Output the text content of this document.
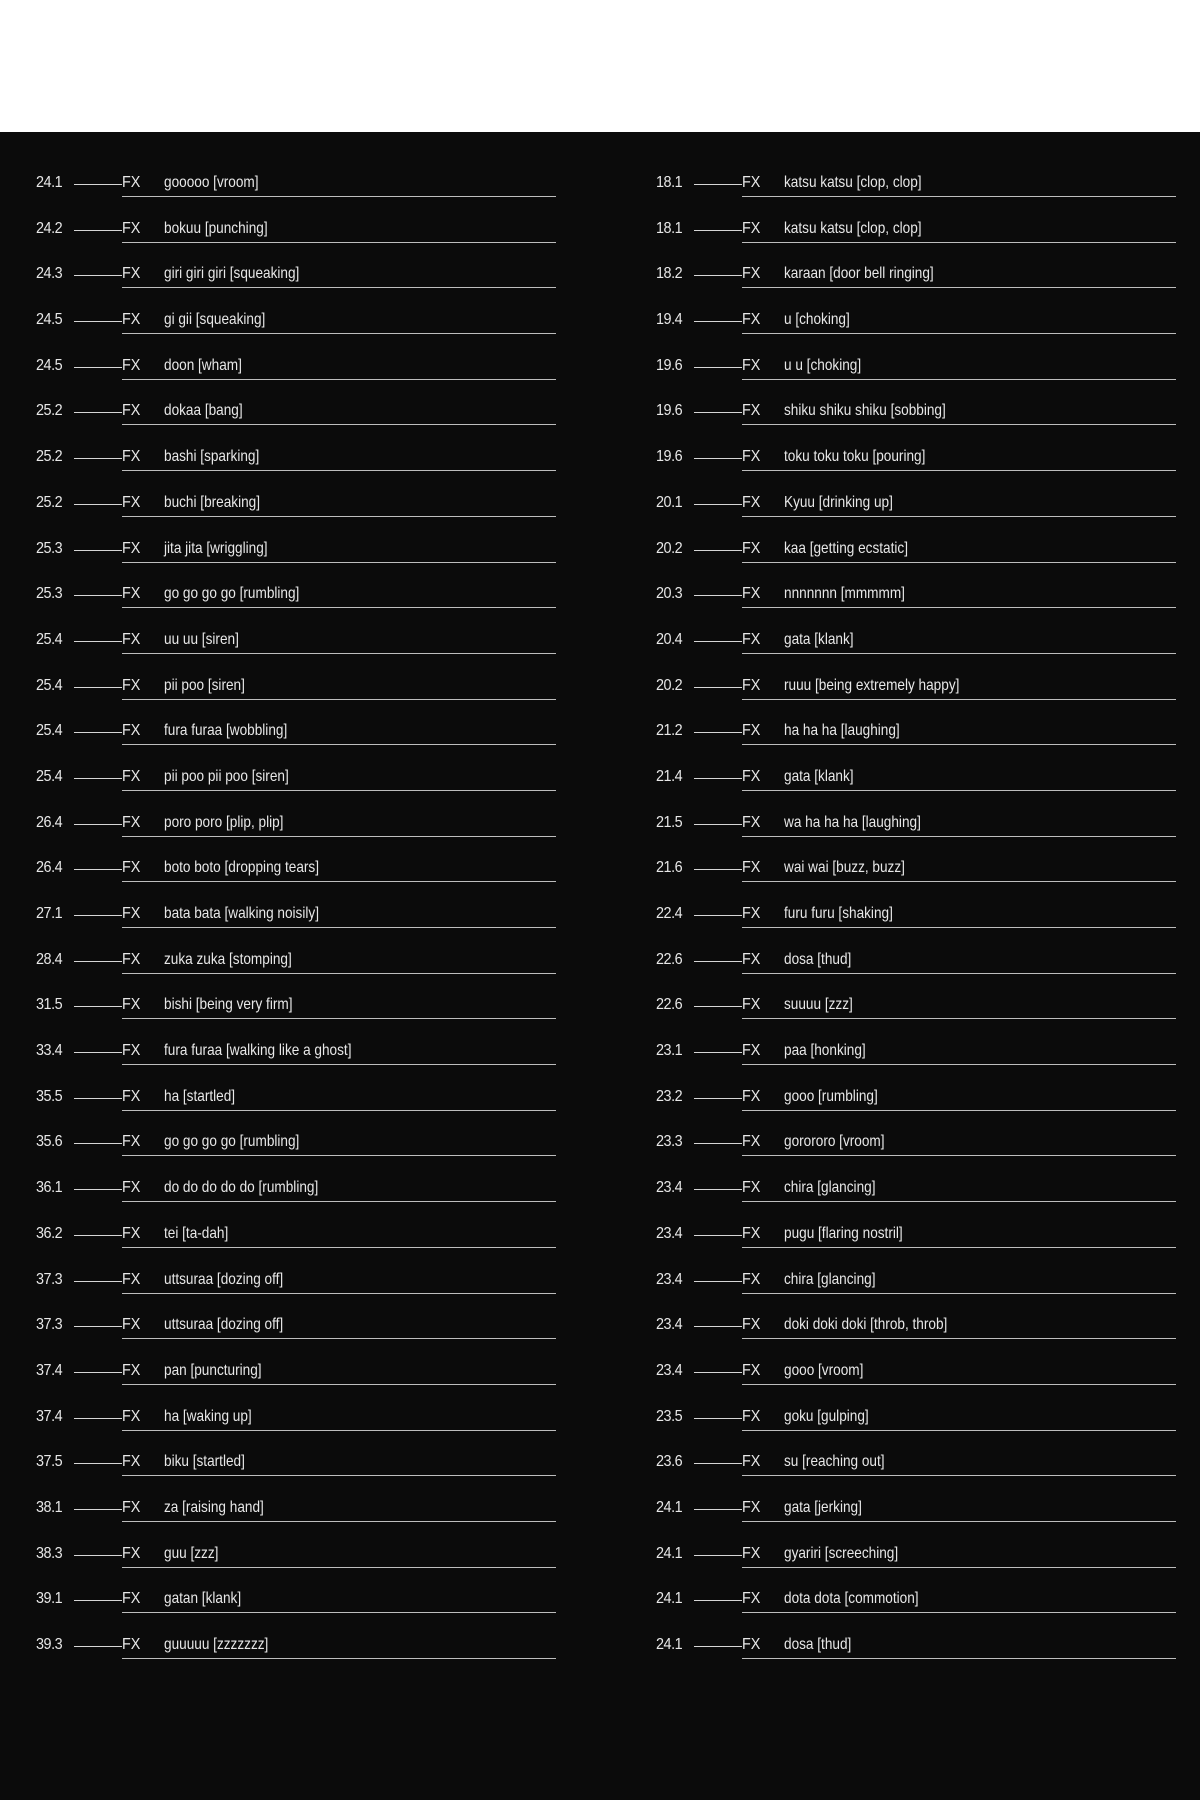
24.1	FX	gooooo [vroom]
24.2	FX	bokuu [punching]
24.3	FX	giri giri giri [squeaking]
24.5	FX	gi gii [squeaking]
24.5	FX	doon [wham]
25.2	FX	dokaa [bang]
25.2	FX	bashi [sparking]
25.2	FX	buchi [breaking]
25.3	FX	jita jita [wriggling]
25.3	FX	go go go go [rumbling]
25.4	FX	uu uu [siren]
25.4	FX	pii poo [siren]
25.4	FX	fura furaa [wobbling]
25.4	FX	pii poo pii poo [siren]
26.4	FX	poro poro [plip, plip]
26.4	FX	boto boto [dropping tears]
27.1	FX	bata bata [walking noisily]
28.4	FX	zuka zuka [stomping]
31.5	FX	bishi [being very firm]
33.4	FX	fura furaa [walking like a ghost]
35.5	FX	ha [startled]
35.6	FX	go go go go [rumbling]
36.1	FX	do do do do do [rumbling]
36.2	FX	tei [ta-dah]
37.3	FX	uttsuraa [dozing off]
37.3	FX	uttsuraa [dozing off]
37.4	FX	pan [puncturing]
37.4	FX	ha [waking up]
37.5	FX	biku [startled]
38.1	FX	za [raising hand]
38.3	FX	guu [zzz]
39.1	FX	gatan [klank]
39.3	FX	guuuuu [zzzzzzz]
18.1	FX	katsu katsu [clop, clop]
18.1	FX	katsu katsu [clop, clop]
18.2	FX	karaan [door bell ringing]
19.4	FX	u [choking]
19.6	FX	u u [choking]
19.6	FX	shiku shiku shiku [sobbing]
19.6	FX	toku toku toku [pouring]
20.1	FX	Kyuu [drinking up]
20.2	FX	kaa [getting ecstatic]
20.3	FX	nnnnnnn [mmmmm]
20.4	FX	gata [klank]
20.2	FX	ruuu [being extremely happy]
21.2	FX	ha ha ha [laughing]
21.4	FX	gata [klank]
21.5	FX	wa ha ha ha [laughing]
21.6	FX	wai wai [buzz, buzz]
22.4	FX	furu furu [shaking]
22.6	FX	dosa [thud]
22.6	FX	suuuu [zzz]
23.1	FX	paa [honking]
23.2	FX	gooo [rumbling]
23.3	FX	gorororo [vroom]
23.4	FX	chira [glancing]
23.4	FX	pugu [flaring nostril]
23.4	FX	chira [glancing]
23.4	FX	doki doki doki [throb, throb]
23.4	FX	gooo [vroom]
23.5	FX	goku [gulping]
23.6	FX	su [reaching out]
24.1	FX	gata [jerking]
24.1	FX	gyariri [screeching]
24.1	FX	dota dota [commotion]
24.1	FX	dosa [thud]
